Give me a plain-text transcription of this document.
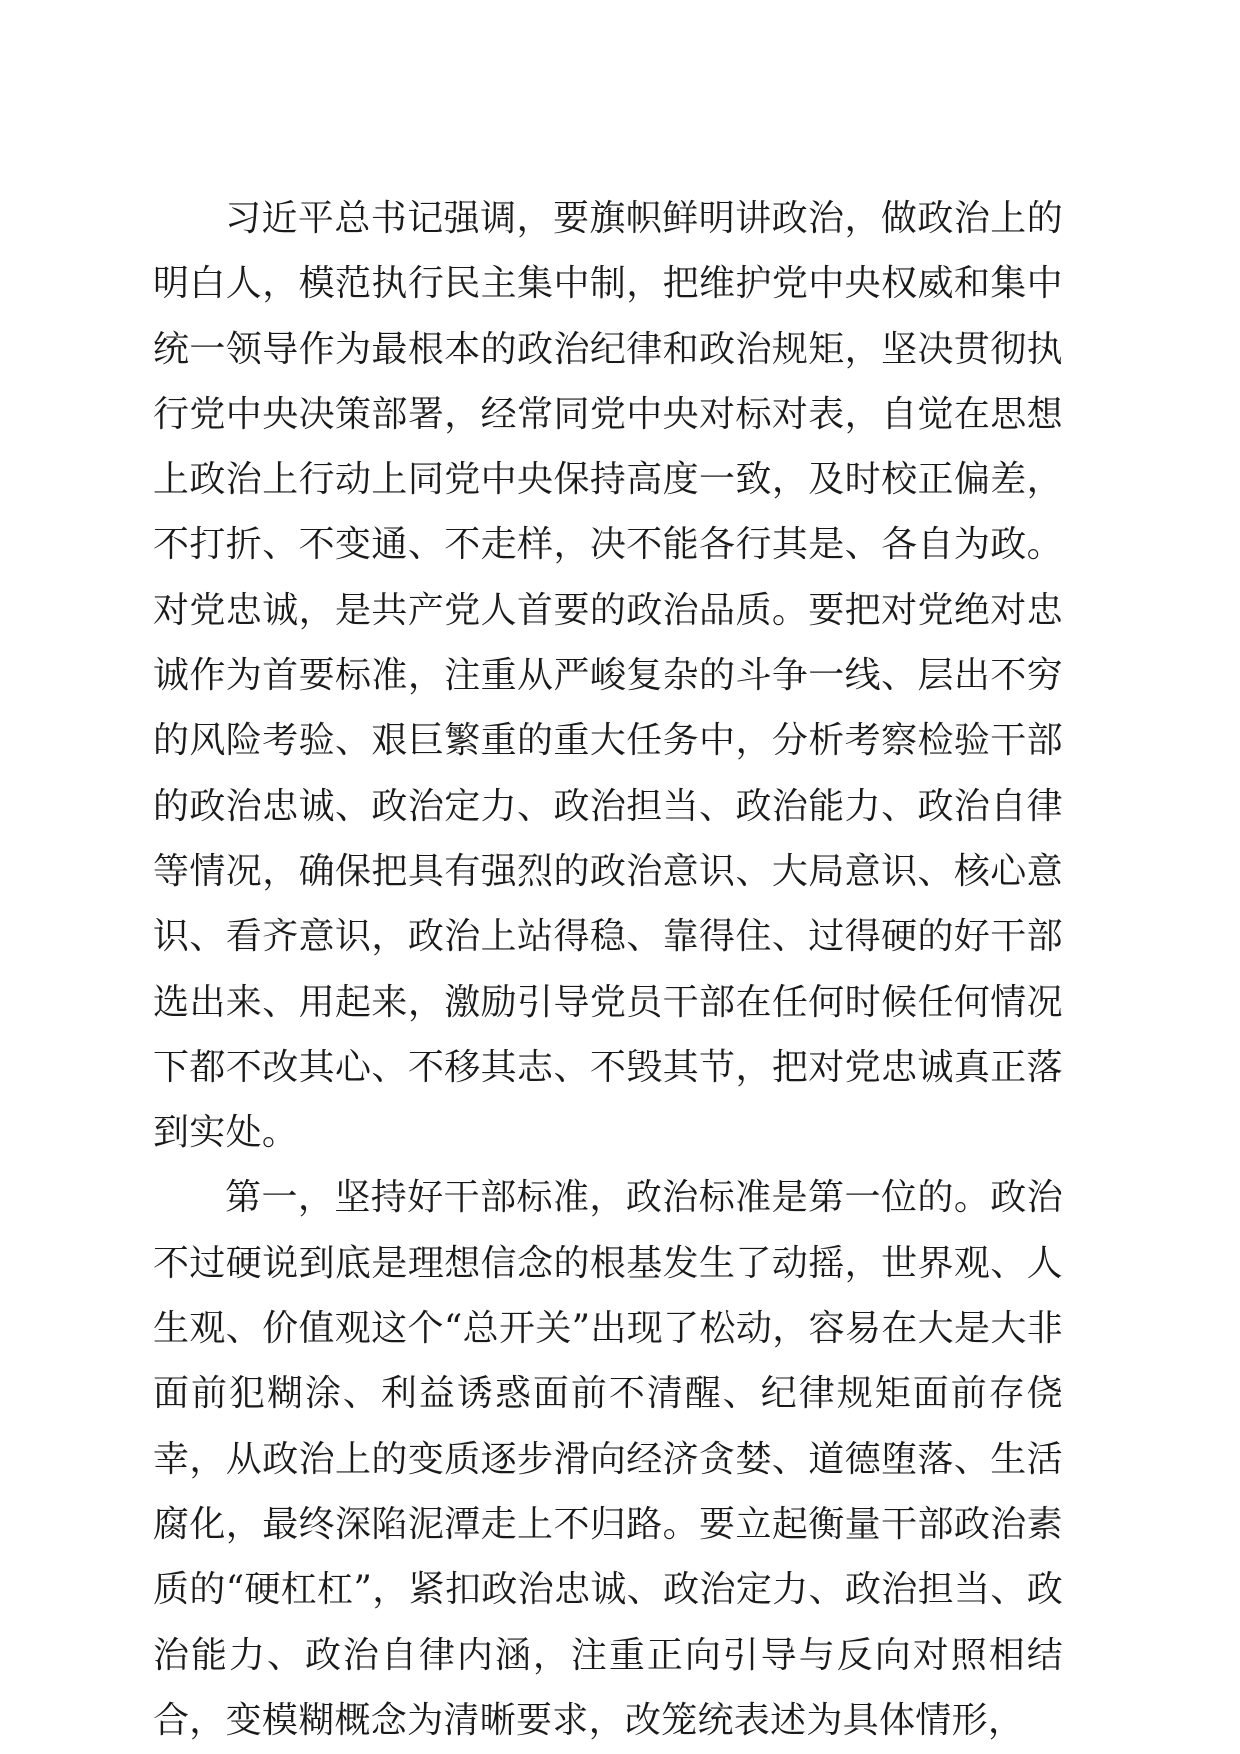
习近平总书记强调，要旗帜鲜明讲政治，做政治上的明白人，模范执行民主集中制，把维护党中央权威和集中统一领导作为最根本的政治纪律和政治规矩，坚决贯彻执行党中央决策部署，经常同党中央对标对表，自觉在思想上政治上行动上同党中央保持高度一致，及时校正偏差，不打折、不变通、不走样，决不能各行其是、各自为政。对党忠诚，是共产党人首要的政治品质。要把对党绝对忠诚作为首要标准，注重从严峻复杂的斗争一线、层出不穷的风险考验、艰巨繁重的重大任务中，分析考察检验干部的政治忠诚、政治定力、政治担当、政治能力、政治自律等情况，确保把具有强烈的政治意识、大局意识、核心意识、看齐意识，政治上站得稳、靠得住、过得硬的好干部选出来、用起来，激励引导党员干部在任何时候任何情况下都不改其心、不移其志、不毁其节，把对党忠诚真正落到实处。

第一，坚持好干部标准，政治标准是第一位的。政治不过硬说到底是理想信念的根基发生了动摇，世界观、人生观、价值观这个“总开关”出现了松动，容易在大是大非面前犯糊涂、利益诱惑面前不清醒、纪律规矩面前存侥幸，从政治上的变质逐步滑向经济贪婪、道德堕落、生活腐化，最终深陷泥潭走上不归路。要立起衡量干部政治素质的“硬杠杠”，紧扣政治忠诚、政治定力、政治担当、政治能力、政治自律内涵，注重正向引导与反向对照相结合，变模糊概念为清晰要求，改笼统表述为具体情形，
